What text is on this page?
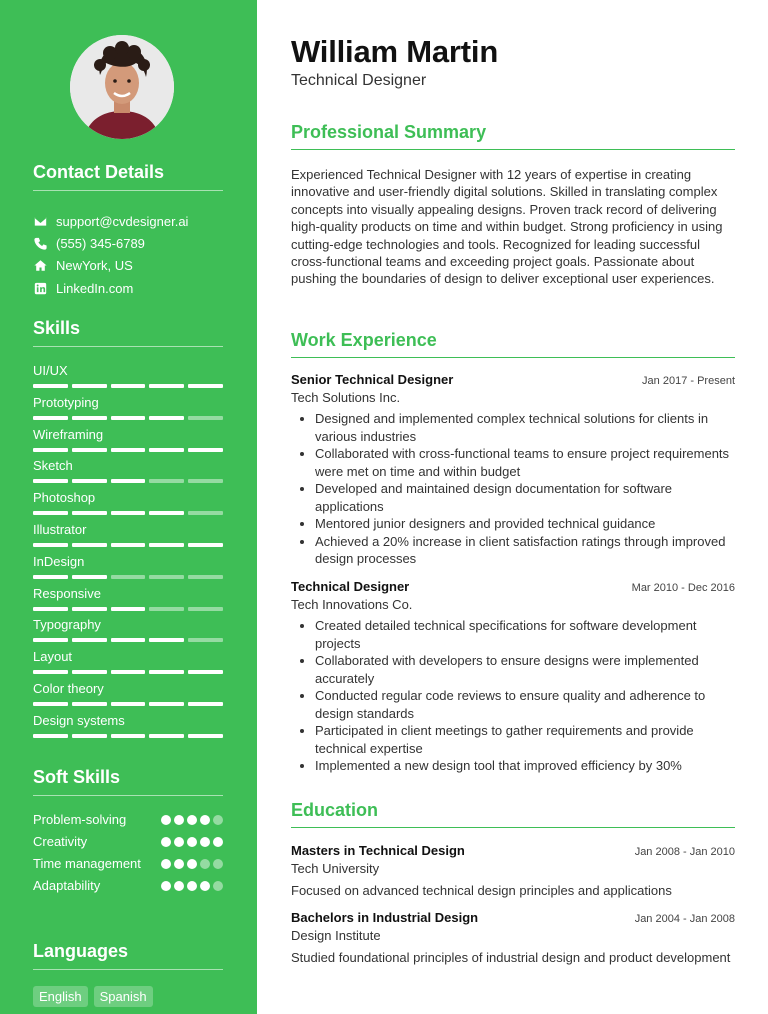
Contact Details
support@cvdesigner.ai
(555) 345-6789
NewYork, US
LinkedIn.com
Skills
UI/UX
Prototyping
Wireframing
Sketch
Photoshop
Illustrator
InDesign
Responsive
Typography
Layout
Color theory
Design systems
Soft Skills
Problem-solving
Creativity
Time management
Adaptability
Languages
English	Spanish
William Martin
Technical Designer
Professional Summary

Experienced Technical Designer with 12 years of expertise in creating innovative and user-friendly digital solutions. Skilled in translating complex concepts into visually appealing designs. Proven track record of delivering high-quality products on time and within budget. Strong proficiency in using cutting-edge technologies and tools. Recognized for leading successful cross-functional teams and exceeding project goals. Passionate about pushing the boundaries of design to deliver exceptional user experiences.

Work Experience
Senior Technical Designer	Jan 2017 - Present
Tech Solutions Inc.
Designed and implemented complex technical solutions for clients in various industries
Collaborated with cross-functional teams to ensure project requirements were met on time and within budget
Developed and maintained design documentation for software applications
Mentored junior designers and provided technical guidance
Achieved a 20% increase in client satisfaction ratings through improved design processes
Technical Designer	Mar 2010 - Dec 2016
Tech Innovations Co.
Created detailed technical specifications for software development projects
Collaborated with developers to ensure designs were implemented accurately
Conducted regular code reviews to ensure quality and adherence to design standards
Participated in client meetings to gather requirements and provide technical expertise
Implemented a new design tool that improved efficiency by 30%
Education
Masters in Technical Design	Jan 2008 - Jan 2010
Tech University
Focused on advanced technical design principles and applications
Bachelors in Industrial Design	Jan 2004 - Jan 2008
Design Institute
Studied foundational principles of industrial design and product development
